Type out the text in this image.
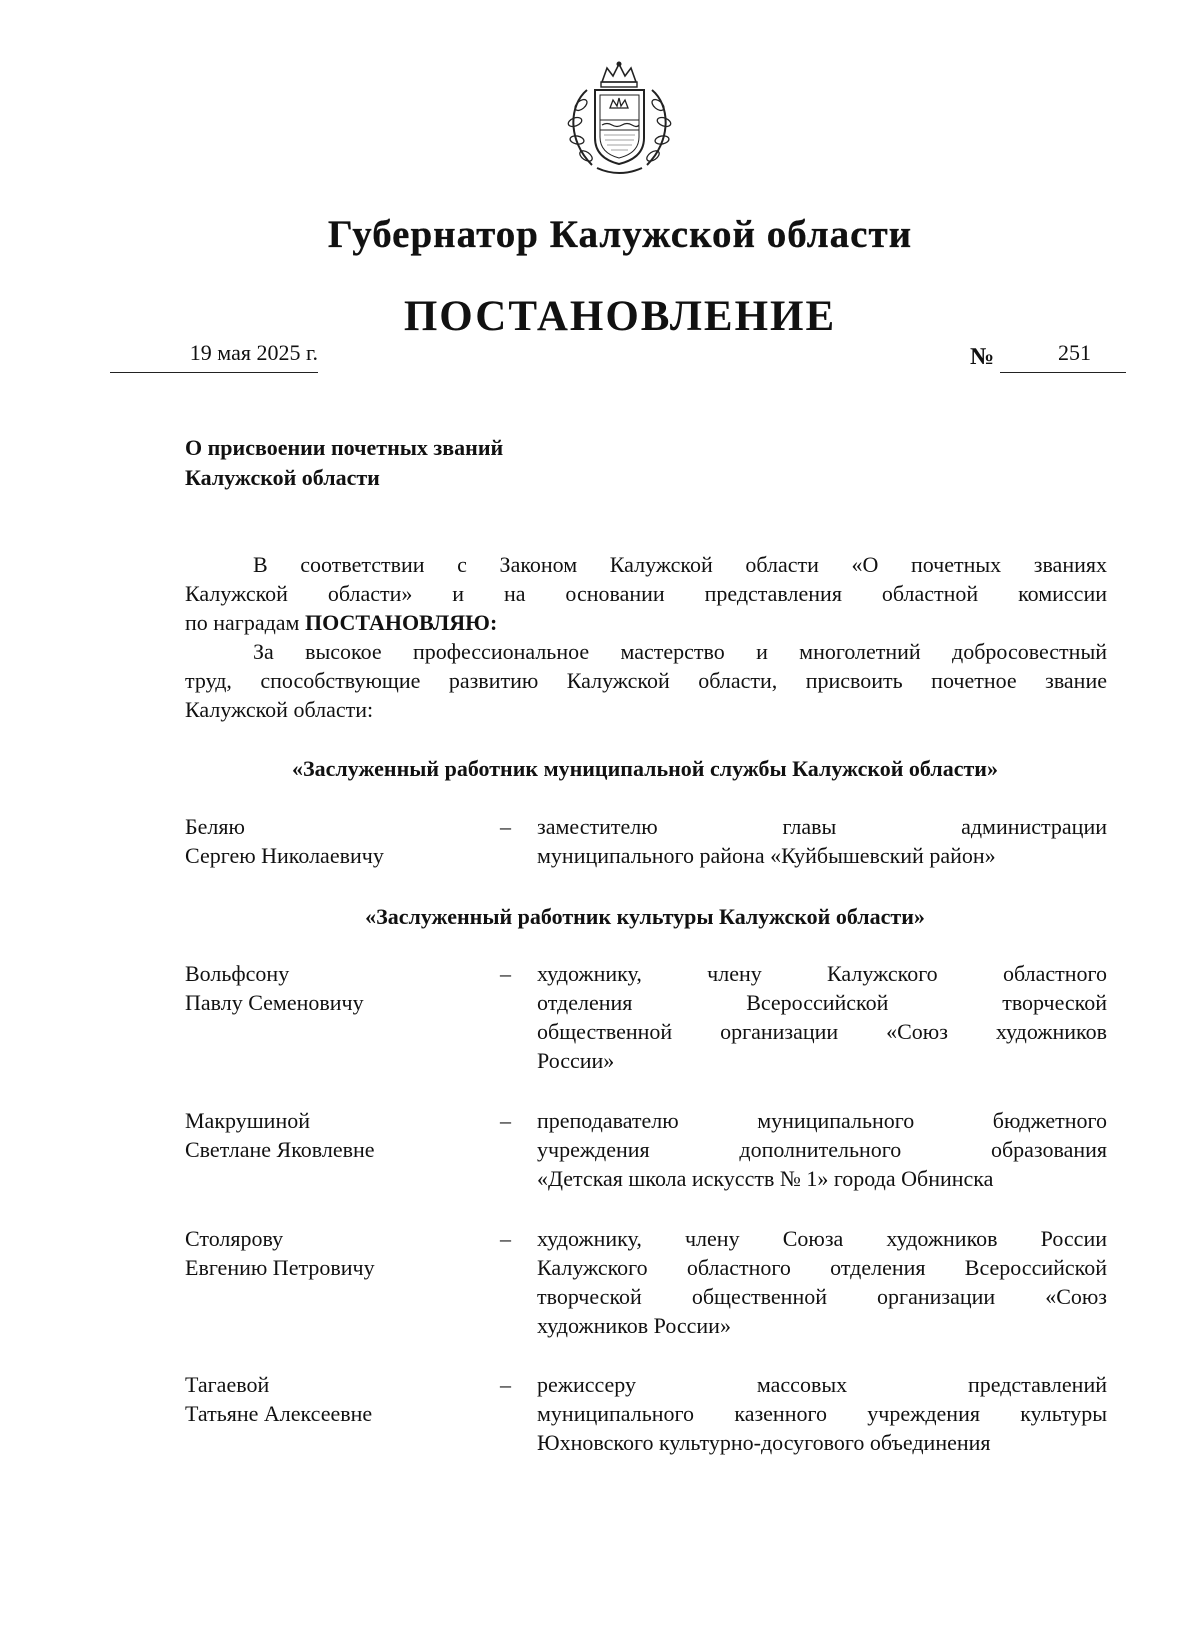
Губернатор Калужской области
ПОСТАНОВЛЕНИЕ
19 мая 2025 г.	№	251
О присвоении почетных званий
Калужской области
В соответствии с Законом Калужской области «О почетных званиях
Калужской области» и на основании представления областной комиссии
по наградам ПОСТАНОВЛЯЮ:
За высокое профессиональное мастерство и многолетний добросовестный
труд, способствующие развитию Калужской области, присвоить почетное звание
Калужской области:
«Заслуженный работник муниципальной службы Калужской области»
Беляю
Сергею Николаевичу
– заместителю главы администрации
муниципального района «Куйбышевский район»
«Заслуженный работник культуры Калужской области»
Вольфсону
Павлу Семеновичу
– художнику, члену Калужского областного
отделения Всероссийской творческой
общественной организации «Союз художников
России»
Макрушиной
Светлане Яковлевне
– преподавателю муниципального бюджетного
учреждения дополнительного образования
«Детская школа искусств № 1» города Обнинска
Столярову
Евгению Петровичу
– художнику, члену Союза художников России
Калужского областного отделения Всероссийской
творческой общественной организации «Союз
художников России»
Тагаевой
Татьяне Алексеевне
– режиссеру массовых представлений
муниципального казенного учреждения культуры
Юхновского культурно-досугового объединения
